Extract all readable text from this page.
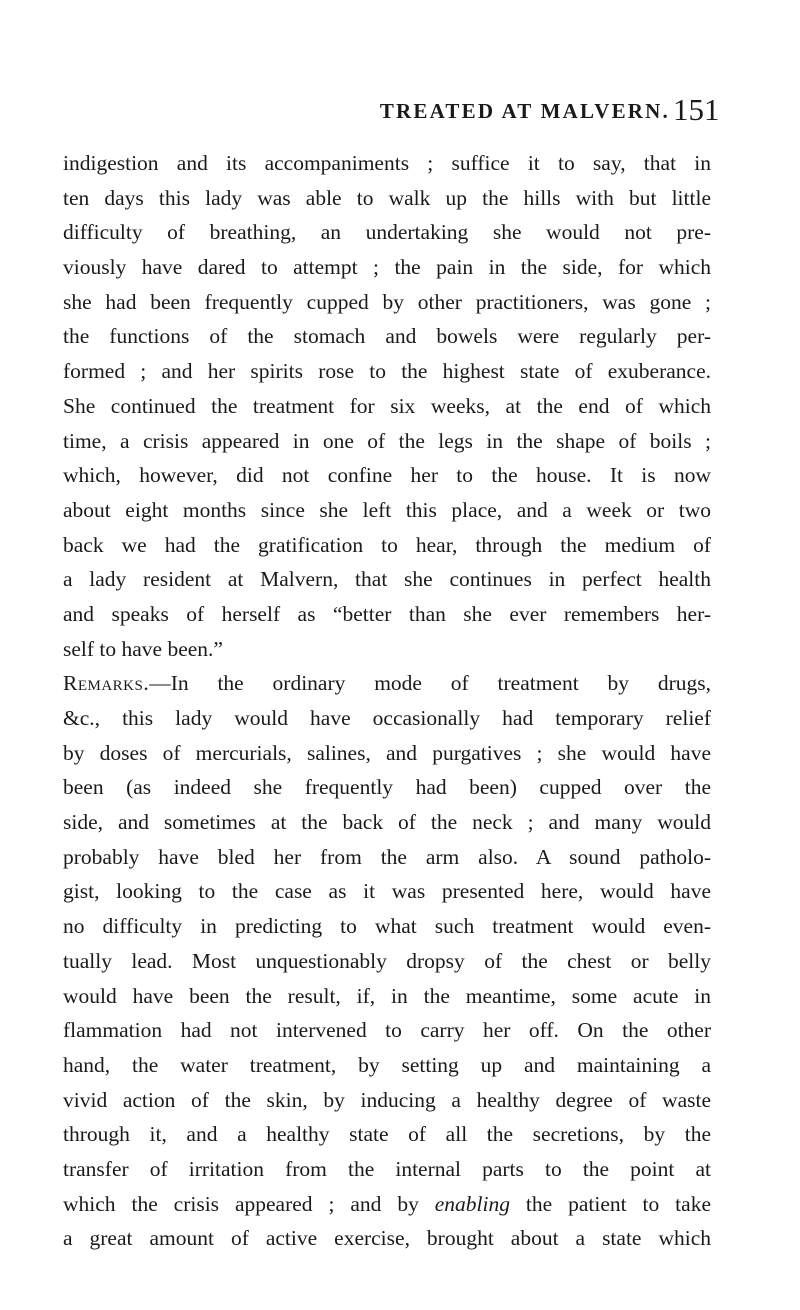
TREATED AT MALVERN. 151
indigestion and its accompaniments ; suffice it to say, that in
ten days this lady was able to walk up the hills with but little
difficulty of breathing, an undertaking she would not pre-
viously have dared to attempt ; the pain in the side, for which
she had been frequently cupped by other practitioners, was gone ;
the functions of the stomach and bowels were regularly per-
formed ; and her spirits rose to the highest state of exuberance.
She continued the treatment for six weeks, at the end of which
time, a crisis appeared in one of the legs in the shape of boils ;
which, however, did not confine her to the house. It is now
about eight months since she left this place, and a week or two
back we had the gratification to hear, through the medium of
a lady resident at Malvern, that she continues in perfect health
and speaks of herself as “better than she ever remembers her-
self to have been.”
Remarks.—In the ordinary mode of treatment by drugs,
&c., this lady would have occasionally had temporary relief
by doses of mercurials, salines, and purgatives ; she would have
been (as indeed she frequently had been) cupped over the
side, and sometimes at the back of the neck ; and many would
probably have bled her from the arm also. A sound patholo-
gist, looking to the case as it was presented here, would have
no difficulty in predicting to what such treatment would even-
tually lead. Most unquestionably dropsy of the chest or belly
would have been the result, if, in the meantime, some acute in
flammation had not intervened to carry her off. On the other
hand, the water treatment, by setting up and maintaining a
vivid action of the skin, by inducing a healthy degree of waste
through it, and a healthy state of all the secretions, by the
transfer of irritation from the internal parts to the point at
which the crisis appeared ; and by enabling the patient to take
a great amount of active exercise, brought about a state which
